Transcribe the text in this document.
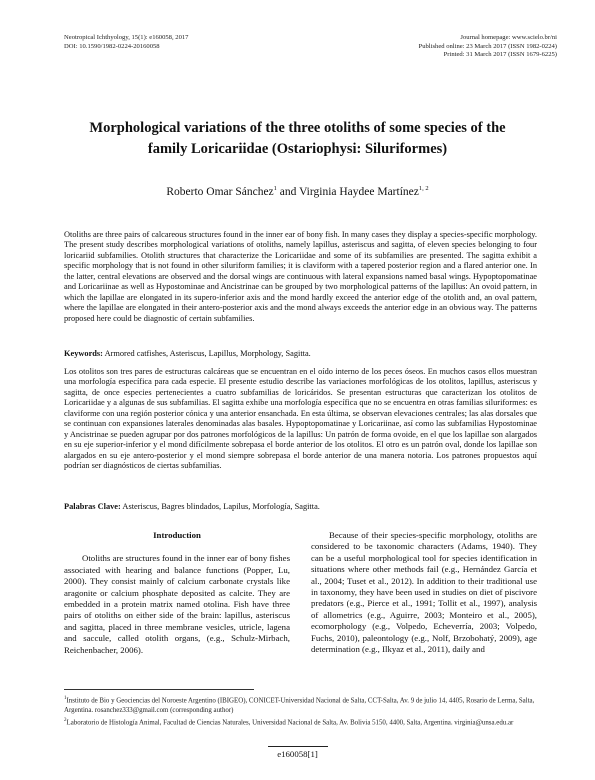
Neotropical Ichthyology, 15(1): e160058, 2017
DOI: 10.1590/1982-0224-20160058
Journal homepage: www.scielo.br/ni
Published online: 23 March 2017 (ISSN 1982-0224)
Printed: 31 March 2017 (ISSN 1679-6225)
Morphological variations of the three otoliths of some species of the
family Loricariidae (Ostariophysi: Siluriformes)
Roberto Omar Sánchez$^1$ and Virginia Haydee Martínez$^{1, 2}$

Otoliths are three pairs of calcareous structures found in the inner ear of bony fish. In many cases they display a species-specific morphology. The present study describes morphological variations of otoliths, namely lapillus, asteriscus and sagitta, of eleven species belonging to four loricariid subfamilies. Otolith structures that characterize the Loricariidae and some of its subfamilies are presented. The sagitta exhibit a specific morphology that is not found in other siluriform families; it is claviform with a tapered posterior region and a flared anterior one. In the latter, central elevations are observed and the dorsal wings are continuous with lateral expansions named basal wings. Hypoptopomatinae and Loricariinae as well as Hypostominae and Ancistrinae can be grouped by two morphological patterns of the lapillus: An ovoid pattern, in which the lapillae are elongated in its supero-inferior axis and the mond hardly exceed the anterior edge of the otolith and, an oval pattern, where the lapillae are elongated in their antero-posterior axis and the mond always exceeds the anterior edge in an obvious way. The patterns proposed here could be diagnostic of certain subfamilies.

Keywords: Armored catfishes, Asteriscus, Lapillus, Morphology, Sagitta.

Los otolitos son tres pares de estructuras calcáreas que se encuentran en el oído interno de los peces óseos. En muchos casos ellos muestran una morfología específica para cada especie. El presente estudio describe las variaciones morfológicas de los otolitos, lapillus, asteriscus y sagitta, de once especies pertenecientes a cuatro subfamilias de loricáridos. Se presentan estructuras que caracterizan los otolitos de Loricariidae y a algunas de sus subfamilias. El sagitta exhibe una morfología específica que no se encuentra en otras familias siluriformes: es claviforme con una región posterior cónica y una anterior ensanchada. En esta última, se observan elevaciones centrales; las alas dorsales que se continuan con expansiones laterales denominadas alas basales. Hypoptopomatinae y Loricariinae, así como las subfamilias Hypostominae y Ancistrinae se pueden agrupar por dos patrones morfológicos de la lapillus: Un patrón de forma ovoide, en el que los lapillae son alargados en su eje superior-inferior y el mond difícilmente sobrepasa el borde anterior de los otolitos. El otro es un patrón oval, donde los lapillae son alargados en su eje antero-posterior y el mond siempre sobrepasa el borde anterior de una manera notoria. Los patrones propuestos aquí podrían ser diagnósticos de ciertas subfamilias.

Palabras Clave: Asteriscus, Bagres blindados, Lapilus, Morfología, Sagitta.

Introduction

Otoliths are structures found in the inner ear of bony fishes associated with hearing and balance functions (Popper, Lu, 2000). They consist mainly of calcium carbonate crystals like aragonite or calcium phosphate deposited as calcite. They are embedded in a protein matrix named otolina. Fish have three pairs of otoliths on either side of the brain: lapillus, asteriscus and sagitta, placed in three membrane vesicles, utricle, lagena and saccule, called otolith organs, (e.g., Schulz-Mirbach, Reichenbacher, 2006).

Because of their species-specific morphology, otoliths are considered to be taxonomic characters (Adams, 1940). They can be a useful morphological tool for species identification in situations where other methods fail (e.g., Hernández García et al., 2004; Tuset et al., 2012). In addition to their traditional use in taxonomy, they have been used in studies on diet of piscivore predators (e.g., Pierce et al., 1991; Tollit et al., 1997), analysis of allometrics (e.g., Aguirre, 2003; Monteiro et al., 2005), ecomorphology (e.g., Volpedo, Echeverría, 2003; Volpedo, Fuchs, 2010), paleontology (e.g., Nolf, Brzobohatý, 2009), age determination (e.g., Ilkyaz et al., 2011), daily and

$^1$Instituto de Bio y Geociencias del Noroeste Argentino (IBIGEO), CONICET-Universidad Nacional de Salta, CCT-Salta, Av. 9 de julio 14, 4405, Rosario de Lerma, Salta, Argentina. rosanchez333@gmail.com (corresponding author)

$^2$Laboratorio de Histología Animal, Facultad de Ciencias Naturales, Universidad Nacional de Salta, Av. Bolivia 5150, 4400, Salta, Argentina. virginia@unsa.edu.ar

e160058[1]
